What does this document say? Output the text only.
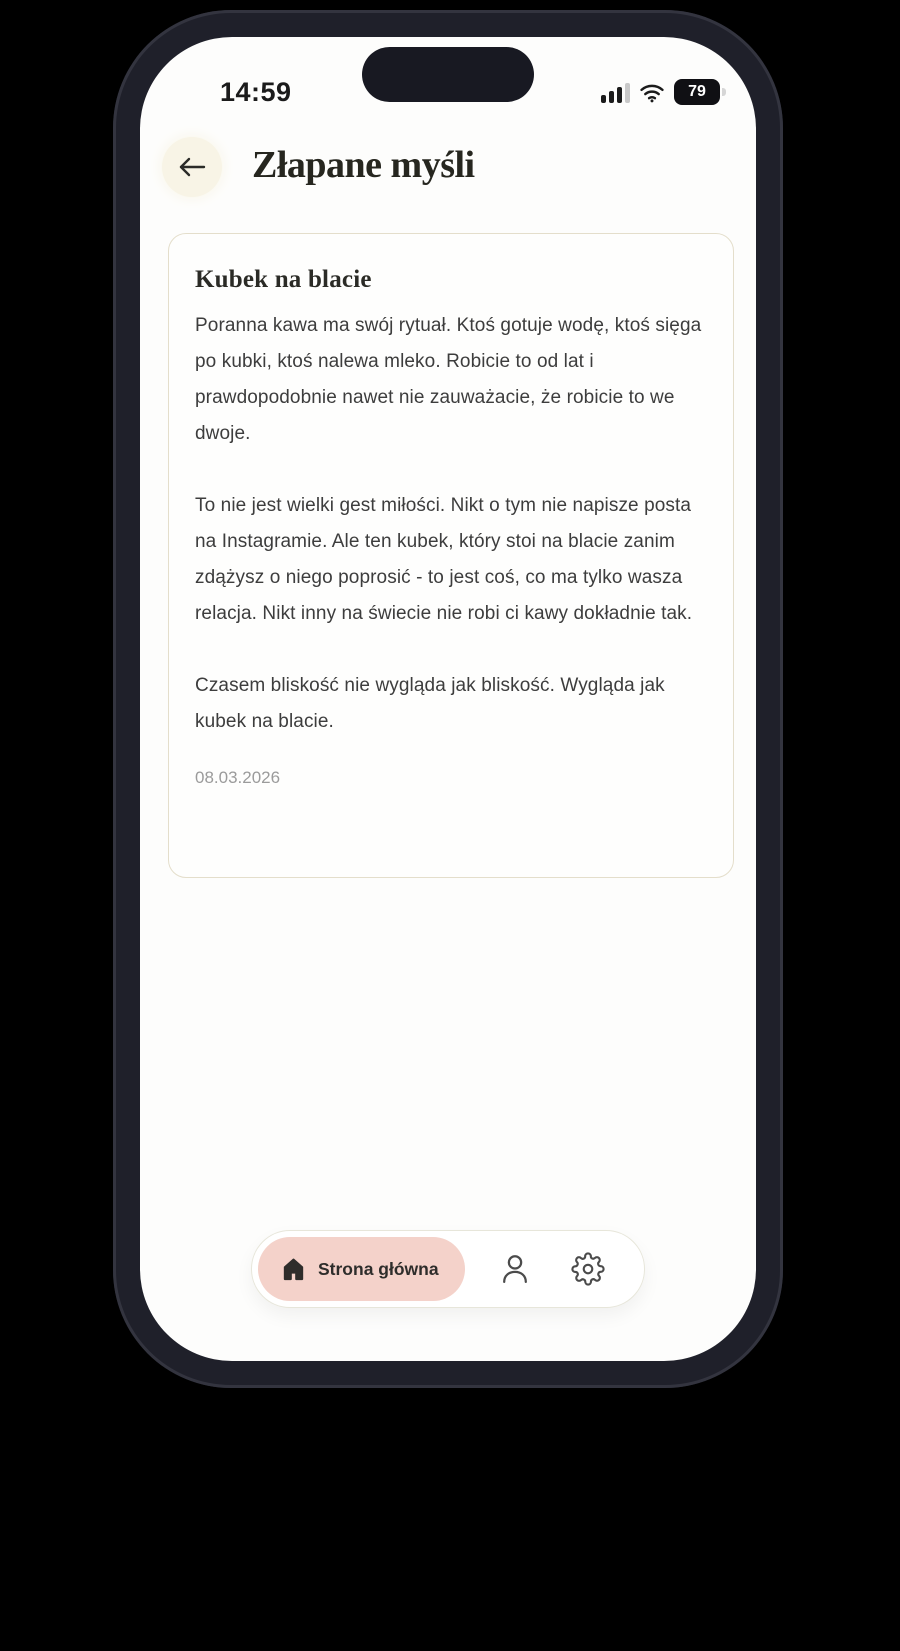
14:59	79
Złapane myśli
Kubek na blacie

Poranna kawa ma swój rytuał. Ktoś gotuje wodę, ktoś sięga po kubki, ktoś nalewa mleko. Robicie to od lat i prawdopodobnie nawet nie zauważacie, że robicie to we dwoje.

To nie jest wielki gest miłości. Nikt o tym nie napisze posta na Instagramie. Ale ten kubek, który stoi na blacie zanim zdążysz o niego poprosić - to jest coś, co ma tylko wasza relacja. Nikt inny na świecie nie robi ci kawy dokładnie tak.

Czasem bliskość nie wygląda jak bliskość. Wygląda jak kubek na blacie.

08.03.2026
Strona główna
